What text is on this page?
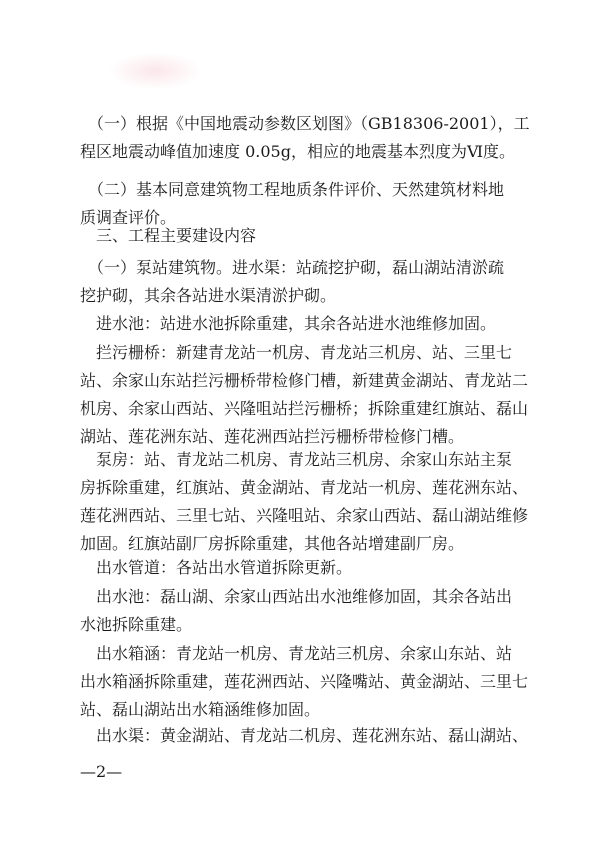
　（一）根据《中国地震动参数区划图》（GB18306-2001），工
程区地震动峰值加速度 0.05g，相应的地震基本烈度为Ⅵ度。

　（二）基本同意建筑物工程地质条件评价、天然建筑材料地
质调查评价。

　三、工程主要建设内容

　（一）泵站建筑物。进水渠：站疏挖护砌，磊山湖站清淤疏
挖护砌，其余各站进水渠清淤护砌。

　进水池：站进水池拆除重建，其余各站进水池维修加固。

　拦污栅桥：新建青龙站一机房、青龙站三机房、站、三里七
站、余家山东站拦污栅桥带检修门槽，新建黄金湖站、青龙站二
机房、余家山西站、兴隆咀站拦污栅桥；拆除重建红旗站、磊山
湖站、莲花洲东站、莲花洲西站拦污栅桥带检修门槽。

　泵房：站、青龙站二机房、青龙站三机房、余家山东站主泵
房拆除重建，红旗站、黄金湖站、青龙站一机房、莲花洲东站、
莲花洲西站、三里七站、兴隆咀站、余家山西站、磊山湖站维修
加固。红旗站副厂房拆除重建，其他各站增建副厂房。

　出水管道：各站出水管道拆除更新。

　出水池：磊山湖、余家山西站出水池维修加固，其余各站出
水池拆除重建。

　出水箱涵：青龙站一机房、青龙站三机房、余家山东站、站
出水箱涵拆除重建，莲花洲西站、兴隆嘴站、黄金湖站、三里七
站、磊山湖站出水箱涵维修加固。

　出水渠：黄金湖站、青龙站二机房、莲花洲东站、磊山湖站、

—2—
